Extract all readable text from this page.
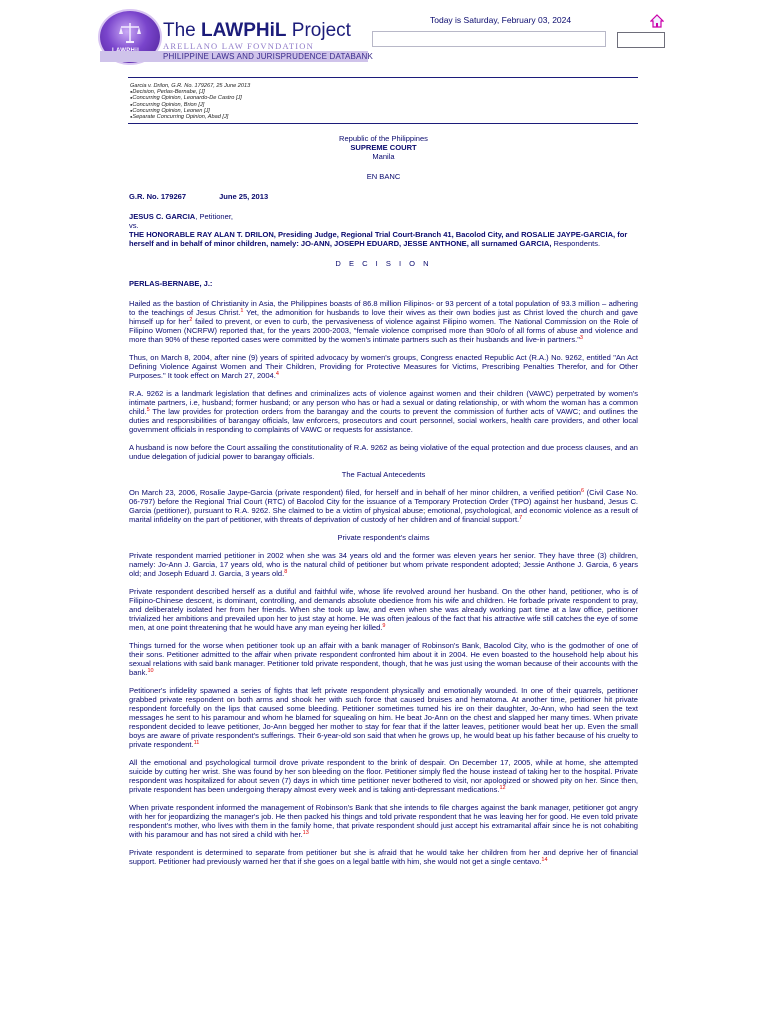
The LAWPHiL Project
ARELLANO LAW FOVNDATION
PHILIPPINE LAWS AND JURISPRUDENCE DATABANK
Today is Saturday, February 03, 2024
Garcia v. Drilon, G.R. No. 179267, 25 June 2013
● Decision, Perlas-Bernabe, [J]
● Concurring Opinion, Leonardo-De Castro [J]
● Concurring Opinion, Brion [J]
● Concurring Opinion, Leonen [J]
● Separate Concurring Opinion, Abad [J]

Republic of the Philippines

SUPREME COURT

Manila

EN BANC

G.R. No. 179267	June 25, 2013

JESUS C. GARCIA, Petitioner,

vs.

THE HONORABLE RAY ALAN T. DRILON, Presiding Judge, Regional Trial Court-Branch 41, Bacolod City, and ROSALIE JAYPE-GARCIA, for herself and in behalf of minor children, namely: JO-ANN, JOSEPH EDUARD, JESSE ANTHONE, all surnamed GARCIA, Respondents.

D E C I S I O N

PERLAS-BERNABE, J.:

Hailed as the bastion of Christianity in Asia, the Philippines boasts of 86.8 million Filipinos- or 93 percent of a total population of 93.3 million – adhering to the teachings of Jesus Christ.$^1$ Yet, the admonition for husbands to love their wives as their own bodies just as Christ loved the church and gave himself up for her$^2$ failed to prevent, or even to curb, the pervasiveness of violence against Filipino women. The National Commission on the Role of Filipino Women (NCRFW) reported that, for the years 2000-2003, "female violence comprised more than 90o/o of all forms of abuse and violence and more than 90% of these reported cases were committed by the women's intimate partners such as their husbands and live-in partners."$^3$

Thus, on March 8, 2004, after nine (9) years of spirited advocacy by women's groups, Congress enacted Republic Act (R.A.) No. 9262, entitled "An Act Defining Violence Against Women and Their Children, Providing for Protective Measures for Victims, Prescribing Penalties Therefor, and for Other Purposes." It took effect on March 27, 2004.$^4$

R.A. 9262 is a landmark legislation that defines and criminalizes acts of violence against women and their children (VAWC) perpetrated by women's intimate partners, i.e, husband; former husband; or any person who has or had a sexual or dating relationship, or with whom the woman has a common child.$^5$ The law provides for protection orders from the barangay and the courts to prevent the commission of further acts of VAWC; and outlines the duties and responsibilities of barangay officials, law enforcers, prosecutors and court personnel, social workers, health care providers, and other local government officials in responding to complaints of VAWC or requests for assistance.

A husband is now before the Court assailing the constitutionality of R.A. 9262 as being violative of the equal protection and due process clauses, and an undue delegation of judicial power to barangay officials.

The Factual Antecedents

On March 23, 2006, Rosalie Jaype-Garcia (private respondent) filed, for herself and in behalf of her minor children, a verified petition$^6$ (Civil Case No. 06-797) before the Regional Trial Court (RTC) of Bacolod City for the issuance of a Temporary Protection Order (TPO) against her husband, Jesus C. Garcia (petitioner), pursuant to R.A. 9262. She claimed to be a victim of physical abuse; emotional, psychological, and economic violence as a result of marital infidelity on the part of petitioner, with threats of deprivation of custody of her children and of financial support.$^7$

Private respondent's claims

Private respondent married petitioner in 2002 when she was 34 years old and the former was eleven years her senior. They have three (3) children, namely: Jo-Ann J. Garcia, 17 years old, who is the natural child of petitioner but whom private respondent adopted; Jessie Anthone J. Garcia, 6 years old; and Joseph Eduard J. Garcia, 3 years old.$^8$

Private respondent described herself as a dutiful and faithful wife, whose life revolved around her husband. On the other hand, petitioner, who is of Filipino-Chinese descent, is dominant, controlling, and demands absolute obedience from his wife and children. He forbade private respondent to pray, and deliberately isolated her from her friends. When she took up law, and even when she was already working part time at a law office, petitioner trivialized her ambitions and prevailed upon her to just stay at home. He was often jealous of the fact that his attractive wife still catches the eye of some men, at one point threatening that he would have any man eyeing her killed.$^9$

Things turned for the worse when petitioner took up an affair with a bank manager of Robinson's Bank, Bacolod City, who is the godmother of one of their sons. Petitioner admitted to the affair when private respondent confronted him about it in 2004. He even boasted to the household help about his sexual relations with said bank manager. Petitioner told private respondent, though, that he was just using the woman because of their accounts with the bank.$^{10}$

Petitioner's infidelity spawned a series of fights that left private respondent physically and emotionally wounded. In one of their quarrels, petitioner grabbed private respondent on both arms and shook her with such force that caused bruises and hematoma. At another time, petitioner hit private respondent forcefully on the lips that caused some bleeding. Petitioner sometimes turned his ire on their daughter, Jo-Ann, who had seen the text messages he sent to his paramour and whom he blamed for squealing on him. He beat Jo-Ann on the chest and slapped her many times. When private respondent decided to leave petitioner, Jo-Ann begged her mother to stay for fear that if the latter leaves, petitioner would beat her up. Even the small boys are aware of private respondent's sufferings. Their 6-year-old son said that when he grows up, he would beat up his father because of his cruelty to private respondent.$^{11}$

All the emotional and psychological turmoil drove private respondent to the brink of despair. On December 17, 2005, while at home, she attempted suicide by cutting her wrist. She was found by her son bleeding on the floor. Petitioner simply fled the house instead of taking her to the hospital. Private respondent was hospitalized for about seven (7) days in which time petitioner never bothered to visit, nor apologized or showed pity on her. Since then, private respondent has been undergoing therapy almost every week and is taking anti-depressant medications.$^{12}$

When private respondent informed the management of Robinson's Bank that she intends to file charges against the bank manager, petitioner got angry with her for jeopardizing the manager's job. He then packed his things and told private respondent that he was leaving her for good. He even told private respondent's mother, who lives with them in the family home, that private respondent should just accept his extramarital affair since he is not cohabiting with his paramour and has not sired a child with her.$^{13}$

Private respondent is determined to separate from petitioner but she is afraid that he would take her children from her and deprive her of financial support. Petitioner had previously warned her that if she goes on a legal battle with him, she would not get a single centavo.$^{14}$
